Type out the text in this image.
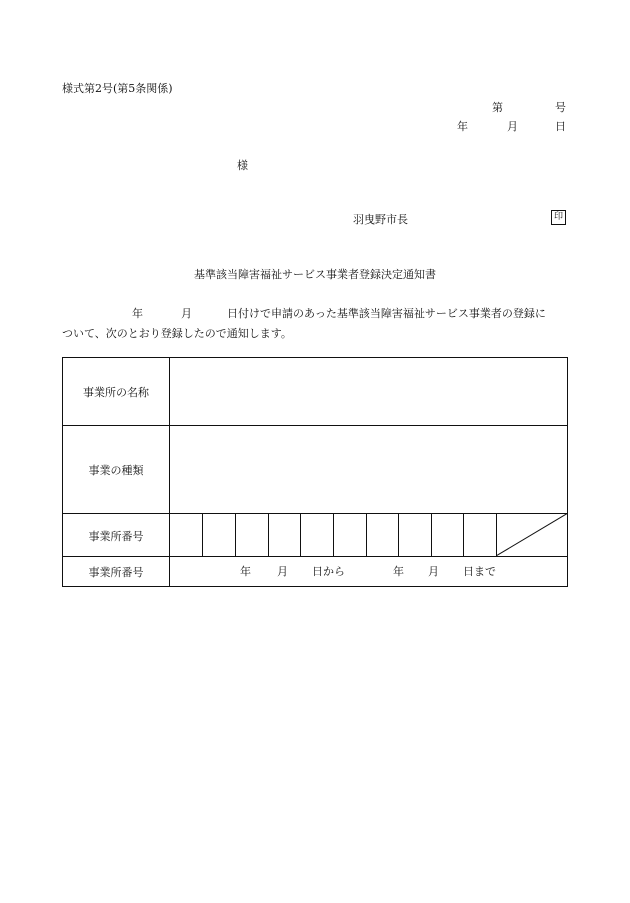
様式第2号(第5条関係)
第	号
年	月	日
様
羽曳野市長	印
基準該当障害福祉サービス事業者登録決定通知書
年	月	日付けで申請のあった基準該当障害福祉サービス事業者の登録に
ついて、次のとおり登録したので通知します。
事業所の名称
事業の種類
事業所番号
事業所番号	年 月 日から	年 月 日まで
